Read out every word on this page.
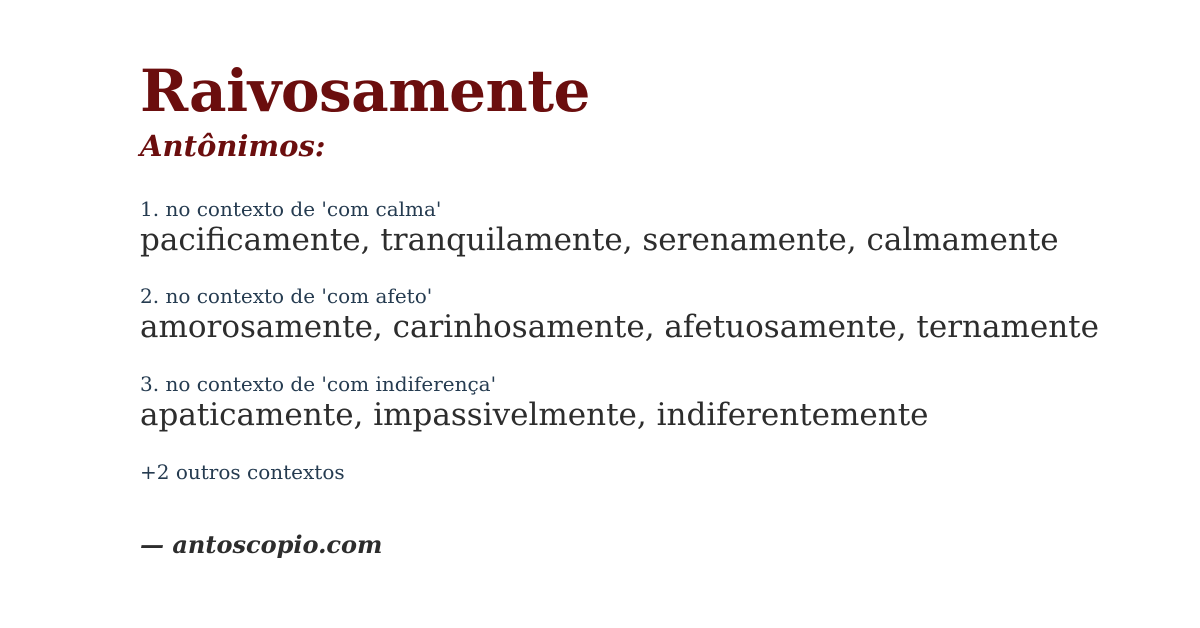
Raivosamente
Antônimos:

1. no contexto de 'com calma'

pacificamente, tranquilamente, serenamente, calmamente

2. no contexto de 'com afeto'

amorosamente, carinhosamente, afetuosamente, ternamente

3. no contexto de 'com indiferença'

apaticamente, impassivelmente, indiferentemente

+2 outros contextos

— antoscopio.com
